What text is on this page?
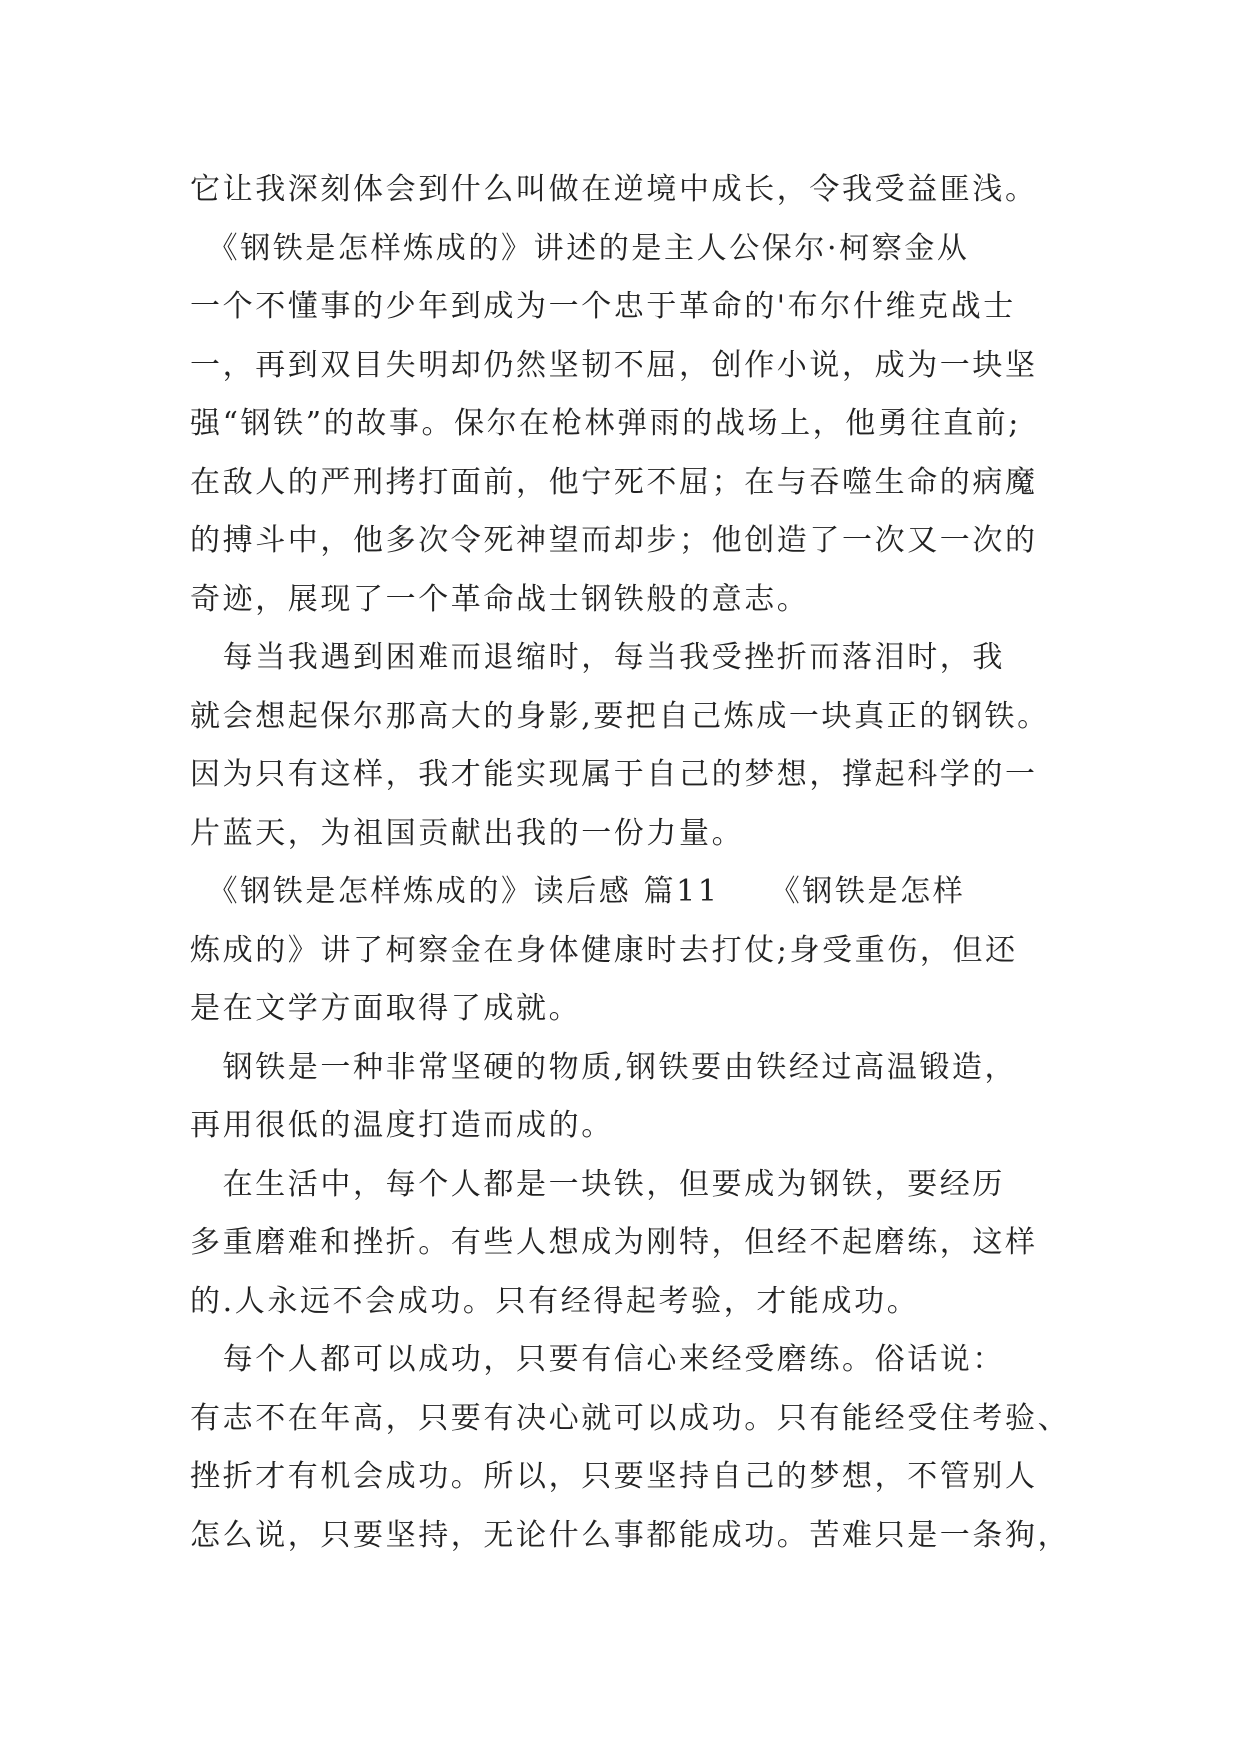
它让我深刻体会到什么叫做在逆境中成长，令我受益匪浅。
　《钢铁是怎样炼成的》讲述的是主人公保尔·柯察金从
一个不懂事的少年到成为一个忠于革命的'布尔什维克战士
一，再到双目失明却仍然坚韧不屈，创作小说，成为一块坚
强“钢铁”的故事。保尔在枪林弹雨的战场上，他勇往直前;
在敌人的严刑拷打面前，他宁死不屈；在与吞噬生命的病魔
的搏斗中，他多次令死神望而却步；他创造了一次又一次的
奇迹，展现了一个革命战士钢铁般的意志。
　每当我遇到困难而退缩时，每当我受挫折而落泪时，我
就会想起保尔那高大的身影,要把自己炼成一块真正的钢铁。
因为只有这样，我才能实现属于自己的梦想，撑起科学的一
片蓝天，为祖国贡献出我的一份力量。
　《钢铁是怎样炼成的》读后感 篇11　　《钢铁是怎样
炼成的》讲了柯察金在身体健康时去打仗;身受重伤，但还
是在文学方面取得了成就。
　钢铁是一种非常坚硬的物质,钢铁要由铁经过高温锻造，
再用很低的温度打造而成的。
　在生活中，每个人都是一块铁，但要成为钢铁，要经历
多重磨难和挫折。有些人想成为刚特，但经不起磨练，这样
的.人永远不会成功。只有经得起考验，才能成功。
　每个人都可以成功，只要有信心来经受磨练。俗话说：
有志不在年高，只要有决心就可以成功。只有能经受住考验、
挫折才有机会成功。所以，只要坚持自己的梦想，不管别人
怎么说，只要坚持，无论什么事都能成功。苦难只是一条狗，
